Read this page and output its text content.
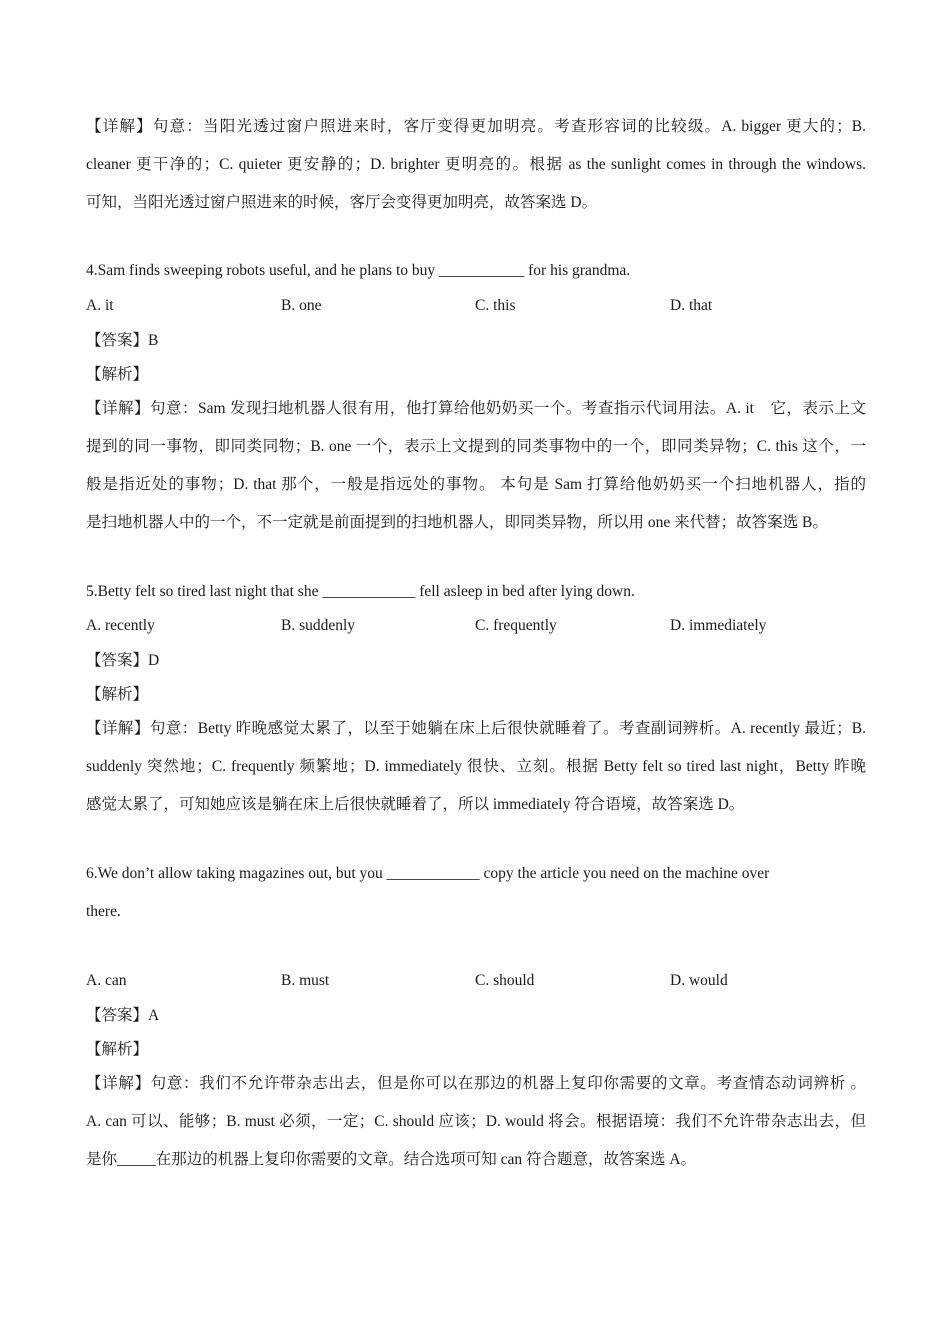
【详解】句意：当阳光透过窗户照进来时，客厅变得更加明亮。考查形容词的比较级。A. bigger 更大的；B.
cleaner 更干净的；C. quieter 更安静的；D. brighter 更明亮的。根据 as the sunlight comes in through the windows.
可知，当阳光透过窗户照进来的时候，客厅会变得更加明亮，故答案选 D。
4.Sam finds sweeping robots useful, and he plans to buy ___________ for his grandma.
A. it	B. one	C. this	D. that
【答案】B
【解析】
【详解】句意：Sam 发现扫地机器人很有用，他打算给他奶奶买一个。考查指示代词用法。A. it　它，表示上文
提到的同一事物，即同类同物；B. one 一个，表示上文提到的同类事物中的一个，即同类异物；C. this 这个，一
般是指近处的事物；D. that 那个，一般是指远处的事物。 本句是 Sam 打算给他奶奶买一个扫地机器人，指的
是扫地机器人中的一个，不一定就是前面提到的扫地机器人，即同类异物，所以用 one 来代替；故答案选 B。
5.Betty felt so tired last night that she ____________ fell asleep in bed after lying down.
A. recently	B. suddenly	C. frequently	D. immediately
【答案】D
【解析】
【详解】句意：Betty 昨晚感觉太累了，以至于她躺在床上后很快就睡着了。考查副词辨析。A. recently 最近；B.
suddenly 突然地；C. frequently 频繁地；D. immediately 很快、立刻。根据 Betty felt so tired last night，Betty 昨晚
感觉太累了，可知她应该是躺在床上后很快就睡着了，所以 immediately 符合语境，故答案选 D。
6.We don’t allow taking magazines out, but you ____________ copy the article you need on the machine over
there.
A. can	B. must	C. should	D. would
【答案】A
【解析】
【详解】句意：我们不允许带杂志出去，但是你可以在那边的机器上复印你需要的文章。考查情态动词辨析 。
A. can 可以、能够；B. must 必须，一定；C. should 应该；D. would 将会。根据语境：我们不允许带杂志出去，但
是你_____在那边的机器上复印你需要的文章。结合选项可知 can 符合题意，故答案选 A。
